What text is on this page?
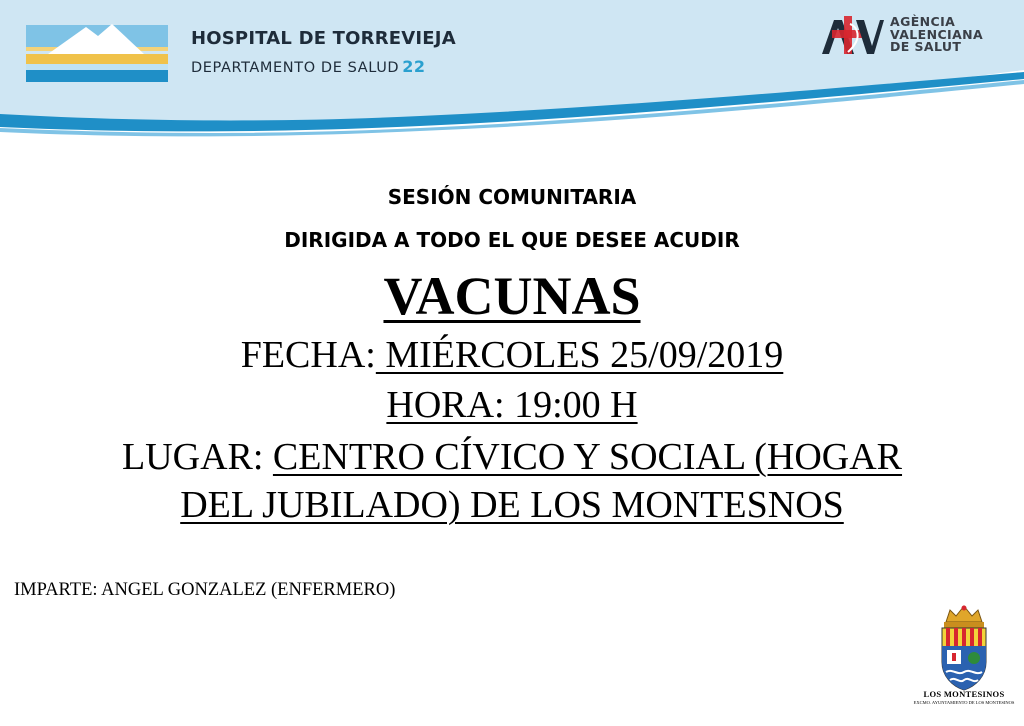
HOSPITAL DE TORREVIEJA
DEPARTAMENTO DE SALUD 22
AGÈNCIA
VALENCIANA
DE SALUT
SESIÓN COMUNITARIA
DIRIGIDA A TODO EL QUE DESEE ACUDIR
VACUNAS
FECHA: MIÉRCOLES 25/09/2019
HORA: 19:00 H
LUGAR: CENTRO CÍVICO Y SOCIAL (HOGAR
DEL JUBILADO) DE LOS MONTESNOS
IMPARTE: ANGEL GONZALEZ (ENFERMERO)
LOS MONTESINOS
EXCMO. AYUNTAMIENTO DE LOS MONTESINOS
